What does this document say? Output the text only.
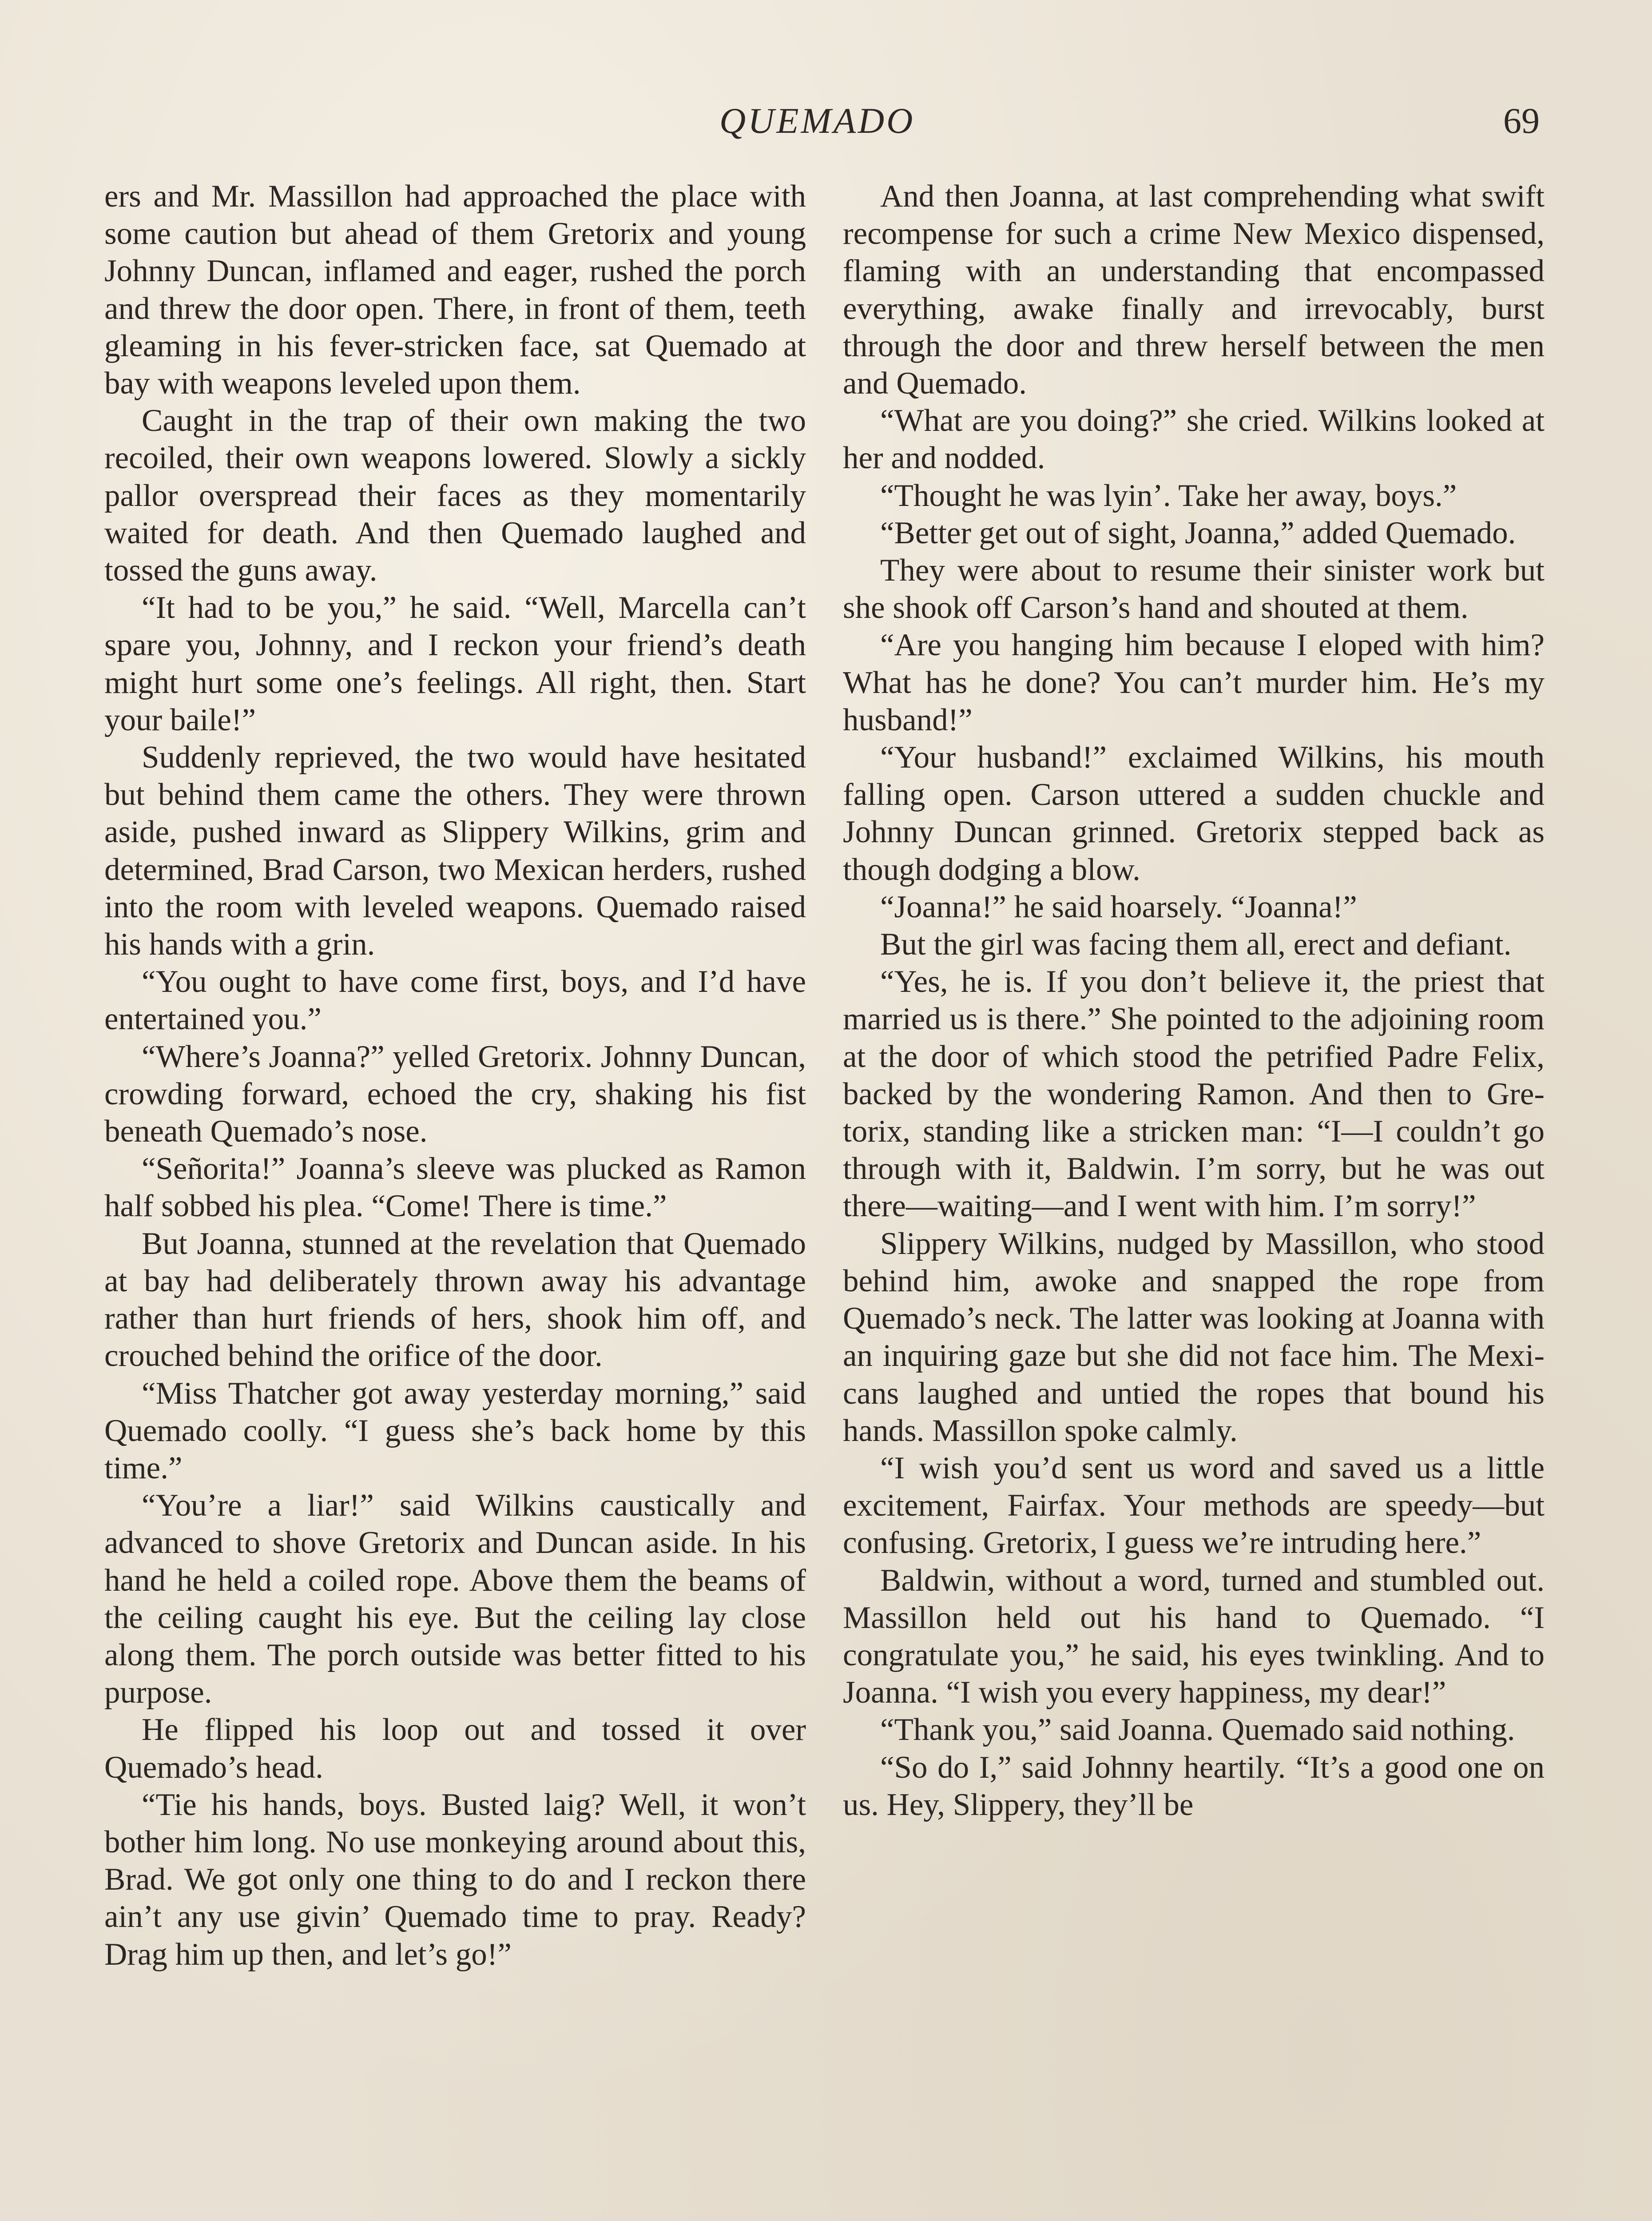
QUEMADO	69

ers and Mr. Massillon had approached the place with some caution but ahead of them Gretorix and young Johnny Duncan, inflamed and eager, rushed the porch and threw the door open. There, in front of them, teeth gleaming in his fever-stricken face, sat Quemado at bay with weapons leveled upon them.

Caught in the trap of their own making the two recoiled, their own weapons lowered. Slowly a sickly pallor overspread their faces as they momentarily waited for death. And then Quemado laughed and tossed the guns away.

“It had to be you,” he said. “Well, Marcella can’t spare you, Johnny, and I reckon your friend’s death might hurt some one’s feelings. All right, then. Start your baile!”

Suddenly reprieved, the two would have hesitated but behind them came the others. They were thrown aside, pushed inward as Slippery Wilkins, grim and determined, Brad Carson, two Mexican herders, rushed into the room with leveled weapons. Quemado raised his hands with a grin.

“You ought to have come first, boys, and I’d have entertained you.”

“Where’s Joanna?” yelled Gretorix. Johnny Duncan, crowding forward, echoed the cry, shaking his fist beneath Quemado’s nose.

“Señorita!” Joanna’s sleeve was plucked as Ramon half sobbed his plea. “Come! There is time.”

But Joanna, stunned at the revelation that Quemado at bay had deliberately thrown away his advantage rather than hurt friends of hers, shook him off, and crouched behind the orifice of the door.

“Miss Thatcher got away yesterday morning,” said Quemado coolly. “I guess she’s back home by this time.”

“You’re a liar!” said Wilkins caustically and advanced to shove Gretorix and Duncan aside. In his hand he held a coiled rope. Above them the beams of the ceiling caught his eye. But the ceiling lay close along them. The porch outside was better fitted to his purpose.

He flipped his loop out and tossed it over Quemado’s head.

“Tie his hands, boys. Busted laig? Well, it won’t bother him long. No use monkeying around about this, Brad. We got only one thing to do and I reckon there ain’t any use givin’ Quemado time to pray. Ready? Drag him up then, and let’s go!”

And then Joanna, at last comprehending what swift recompense for such a crime New Mexico dispensed, flaming with an understanding that encompassed everything, awake finally and irrevocably, burst through the door and threw herself between the men and Quemado.

“What are you doing?” she cried. Wilkins looked at her and nodded.

“Thought he was lyin’. Take her away, boys.”

“Better get out of sight, Joanna,” added Quemado.

They were about to resume their sinister work but she shook off Carson’s hand and shouted at them.

“Are you hanging him because I eloped with him? What has he done? You can’t murder him. He’s my husband!”

“Your husband!” exclaimed Wilkins, his mouth falling open. Carson uttered a sudden chuckle and Johnny Duncan grinned. Gretorix stepped back as though dodging a blow.

“Joanna!” he said hoarsely. “Joanna!”

But the girl was facing them all, erect and defiant.

“Yes, he is. If you don’t believe it, the priest that married us is there.” She pointed to the adjoining room at the door of which stood the petrified Padre Felix, backed by the wondering Ramon. And then to Gretorix, standing like a stricken man: “I—I couldn’t go through with it, Baldwin. I’m sorry, but he was out there—waiting—and I went with him. I’m sorry!”

Slippery Wilkins, nudged by Massillon, who stood behind him, awoke and snapped the rope from Quemado’s neck. The latter was looking at Joanna with an inquiring gaze but she did not face him. The Mexicans laughed and untied the ropes that bound his hands. Massillon spoke calmly.

“I wish you’d sent us word and saved us a little excitement, Fairfax. Your methods are speedy—but confusing. Gretorix, I guess we’re intruding here.”

Baldwin, without a word, turned and stumbled out. Massillon held out his hand to Quemado. “I congratulate you,” he said, his eyes twinkling. And to Joanna. “I wish you every happiness, my dear!”

“Thank you,” said Joanna. Quemado said nothing.

“So do I,” said Johnny heartily. “It’s a good one on us. Hey, Slippery, they’ll be
